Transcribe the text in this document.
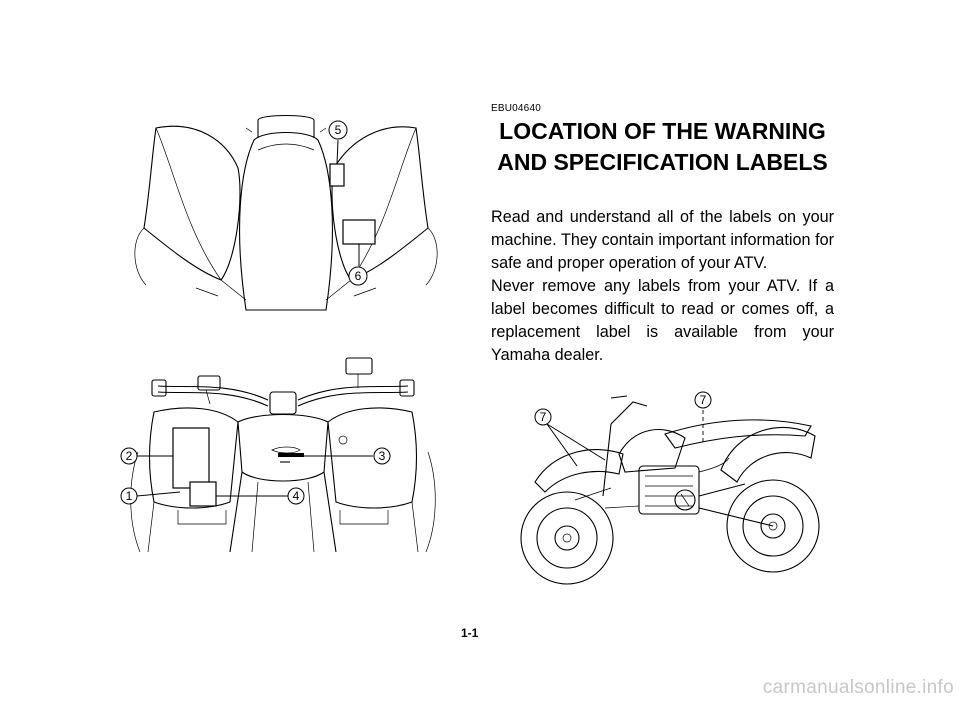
EBU04640
LOCATION OF THE WARNING
AND SPECIFICATION LABELS

Read and understand all of the labels on your machine. They contain important information for safe and proper operation of your ATV.

Never remove any labels from your ATV. If a label becomes difficult to read or comes off, a replacement label is available from your Yamaha dealer.

5
6
2	3
1	4
7
7
1-1
carmanualsonline.info
